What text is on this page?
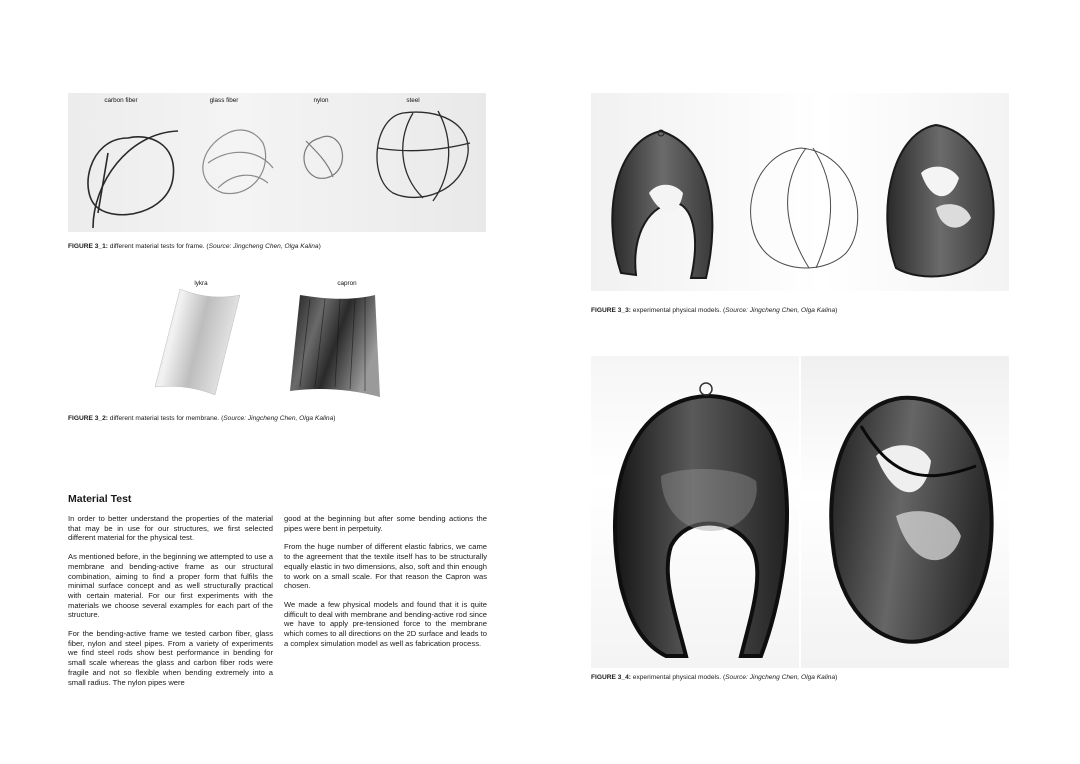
carbon fiber	glass fiber	nylon	steel
FIGURE 3_1: different material tests for frame. (Source: Jingcheng Chen, Olga Kalina)
lykra	capron
FIGURE 3_2: different material tests for membrane. (Source: Jingcheng Chen, Olga Kalina)
Material Test

In order to better understand the properties of the material that may be in use for our structures, we first selected different material for the physical test.

As mentioned before, in the beginning we attempted to use a membrane and bending-active frame as our structural combination, aiming to find a proper form that fulfils the minimal surface concept and as well structurally practical with certain material. For our first experiments with the materials we choose several examples for each part of the structure.

For the bending-active frame we tested carbon fiber, glass fiber, nylon and steel pipes. From a variety of experiments we find steel rods show best performance in bending for small scale whereas the glass and carbon fiber rods were fragile and not so flexible when bending extremely into a small radius. The nylon pipes were

good at the beginning but after some bending actions the pipes were bent in perpetuity.

From the huge number of different elastic fabrics, we came to the agreement that the textile itself has to be structurally equally elastic in two dimensions, also, soft and thin enough to work on a small scale. For that reason the Capron was chosen.

We made a few physical models and found that it is quite difficult to deal with membrane and bending-active rod since we have to apply pre-tensioned force to the membrane which comes to all directions on the 2D surface and leads to a complex simulation model as well as fabrication process.

FIGURE 3_3: experimental physical models. (Source: Jingcheng Chen, Olga Kalina)
FIGURE 3_4: experimental physical models. (Source: Jingcheng Chen, Olga Kalina)
